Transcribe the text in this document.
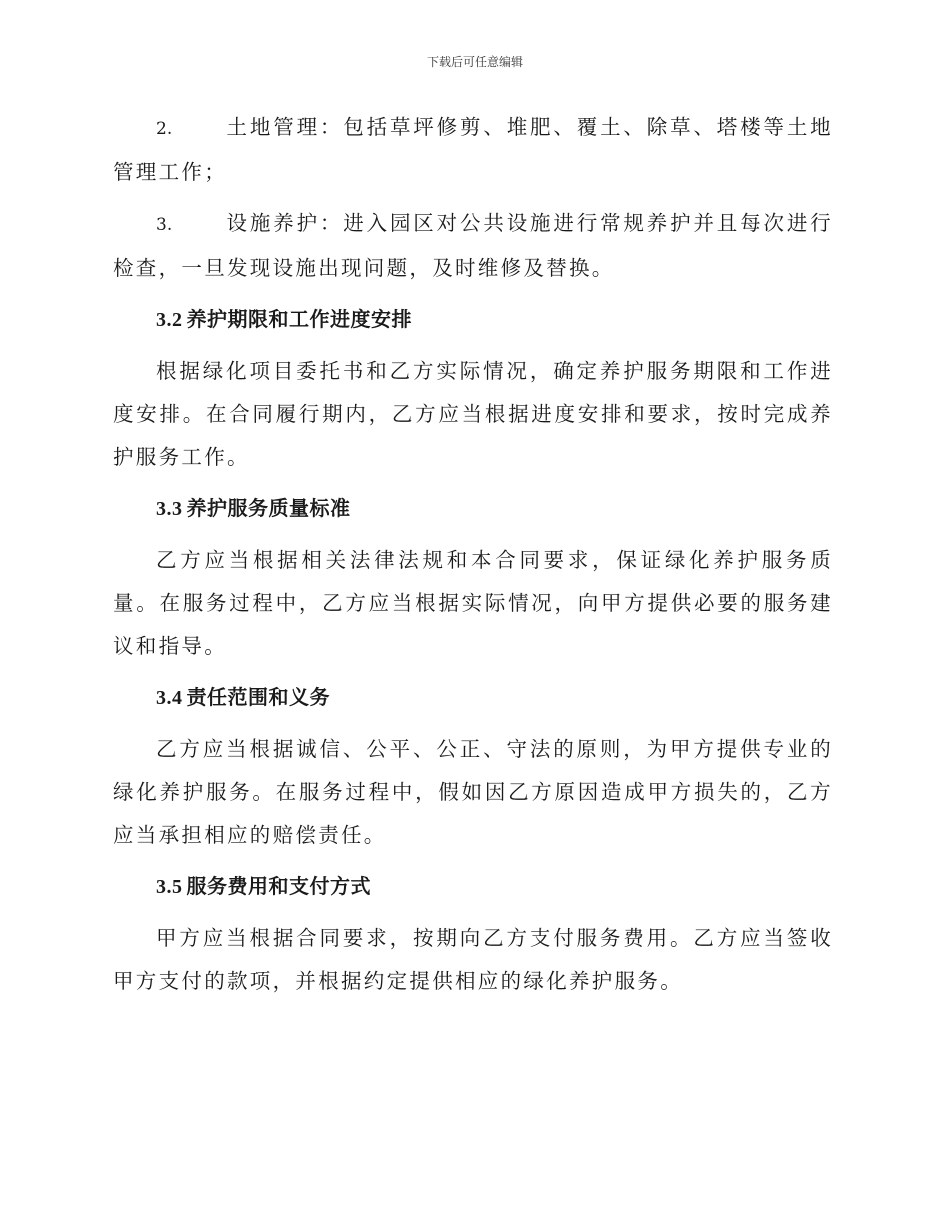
下载后可任意编辑

2.	土地管理：包括草坪修剪、堆肥、覆土、除草、塔楼等土地管理工作；

3.	设施养护：进入园区对公共设施进行常规养护并且每次进行检查，一旦发现设施出现问题，及时维修及替换。

3.2 养护期限和工作进度安排

根据绿化项目委托书和乙方实际情况，确定养护服务期限和工作进度安排。在合同履行期内，乙方应当根据进度安排和要求，按时完成养护服务工作。

3.3 养护服务质量标准

乙方应当根据相关法律法规和本合同要求，保证绿化养护服务质量。在服务过程中，乙方应当根据实际情况，向甲方提供必要的服务建议和指导。

3.4 责任范围和义务

乙方应当根据诚信、公平、公正、守法的原则，为甲方提供专业的绿化养护服务。在服务过程中，假如因乙方原因造成甲方损失的，乙方应当承担相应的赔偿责任。

3.5 服务费用和支付方式

甲方应当根据合同要求，按期向乙方支付服务费用。乙方应当签收甲方支付的款项，并根据约定提供相应的绿化养护服务。
